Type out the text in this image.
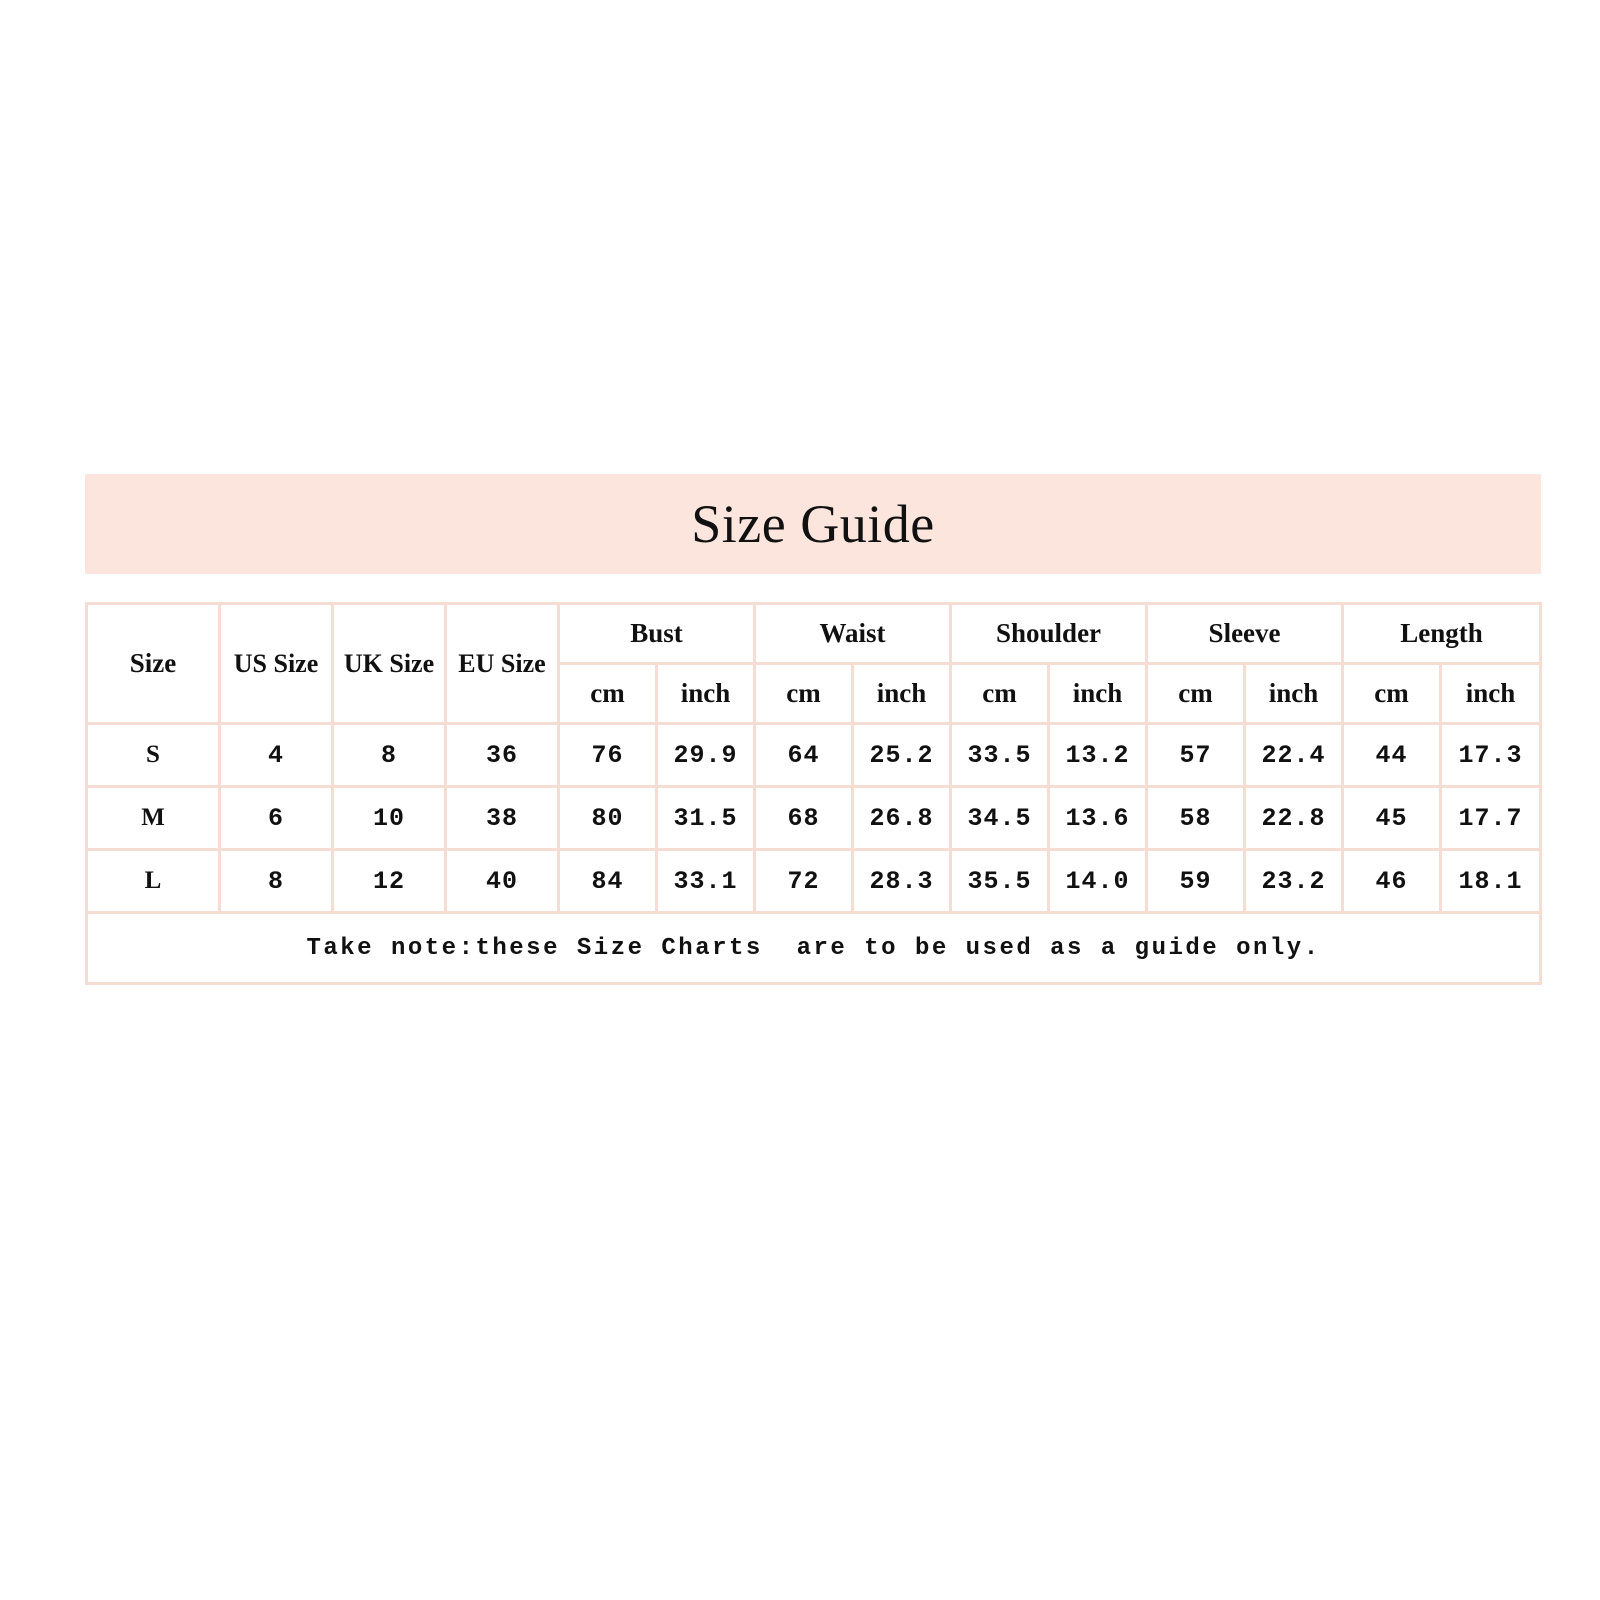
Size Guide
Size	US Size	UK Size	EU Size	Bust		Waist		Shoulder		Sleeve		Length	
				cm	inch	cm	inch	cm	inch	cm	inch	cm	inch
S	4	8	36	76	29.9	64	25.2	33.5	13.2	57	22.4	44	17.3
M	6	10	38	80	31.5	68	26.8	34.5	13.6	58	22.8	45	17.7
L	8	12	40	84	33.1	72	28.3	35.5	14.0	59	23.2	46	18.1
Take note:these Size Charts  are to be used as a guide only.													
